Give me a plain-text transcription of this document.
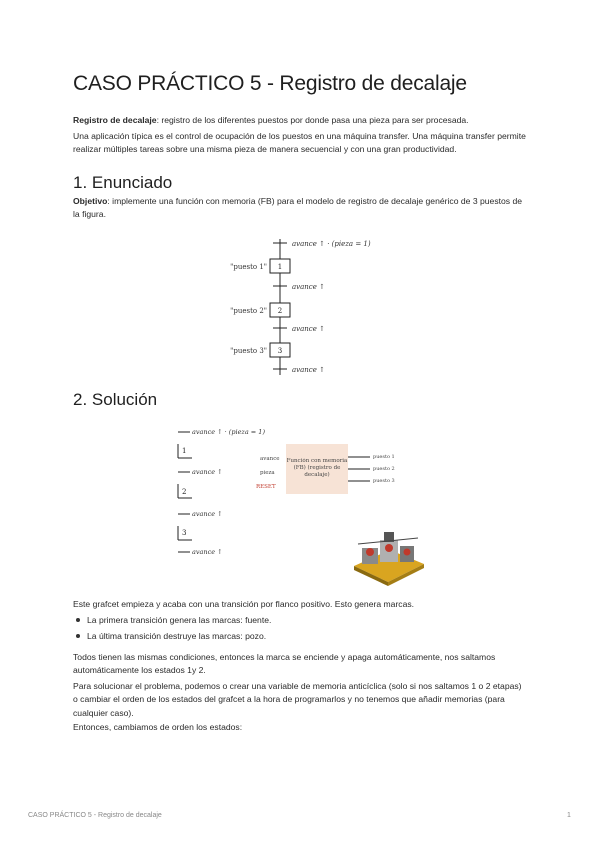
CASO PRÁCTICO 5 - Registro de decalaje

Registro de decalaje: registro de los diferentes puestos por donde pasa una pieza para ser procesada.

Una aplicación típica es el control de ocupación de los puestos en una máquina transfer. Una máquina transfer permite realizar múltiples tareas sobre una misma pieza de manera secuencial y con una gran productividad.

1. Enunciado

Objetivo: implemente una función con memoria (FB) para el modelo de registro de decalaje genérico de 3 puestos de la figura.

avance ↑ · (pieza = 1)
avance ↑
avance ↑
avance ↑
"puesto 1"
"puesto 2"
"puesto 3"
1
2
3
2. Solución
avance ↑ · (pieza = 1)
avance ↑
avance ↑
avance ↑
1
2
3
avance
pieza
RESET
Función con memoria (FB) (registro de decalaje)
puesto 1
puesto 2
puesto 3

Este grafcet empieza y acaba con una transición por flanco positivo. Esto genera marcas.

La primera transición genera las marcas: fuente.
La última transición destruye las marcas: pozo.

Todos tienen las mismas condiciones, entonces la marca se enciende y apaga automáticamente, nos saltamos automáticamente los estados 1y 2.

Para solucionar el problema, podemos o crear una variable de memoria anticíclica (solo si nos saltamos 1 o 2 etapas) o cambiar el orden de los estados del grafcet a la hora de programarlos y no tenemos que añadir memorias (para cualquier caso).

Entonces, cambiamos de orden los estados:

CASO PRÁCTICO 5 - Registro de decalaje	1
